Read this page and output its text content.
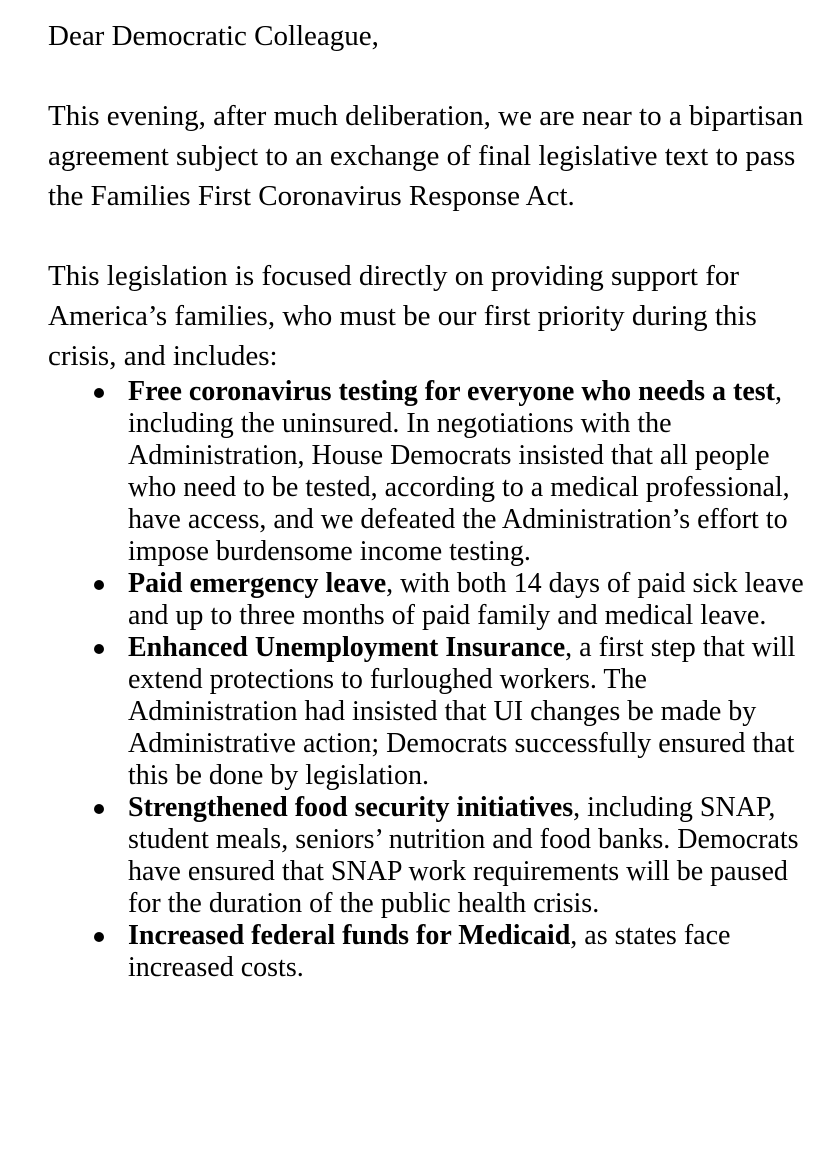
Dear Democratic Colleague,

This evening, after much deliberation, we are near to a bipartisan agreement subject to an exchange of final legislative text to pass the Families First Coronavirus Response Act.

This legislation is focused directly on providing support for America’s families, who must be our first priority during this crisis, and includes:

Free coronavirus testing for everyone who needs a test, including the uninsured. In negotiations with the Administration, House Democrats insisted that all people who need to be tested, according to a medical professional, have access, and we defeated the Administration’s effort to impose burdensome income testing.
Paid emergency leave, with both 14 days of paid sick leave and up to three months of paid family and medical leave.
Enhanced Unemployment Insurance, a first step that will extend protections to furloughed workers. The Administration had insisted that UI changes be made by Administrative action; Democrats successfully ensured that this be done by legislation.
Strengthened food security initiatives, including SNAP, student meals, seniors’ nutrition and food banks. Democrats have ensured that SNAP work requirements will be paused for the duration of the public health crisis.
Increased federal funds for Medicaid, as states face increased costs.
